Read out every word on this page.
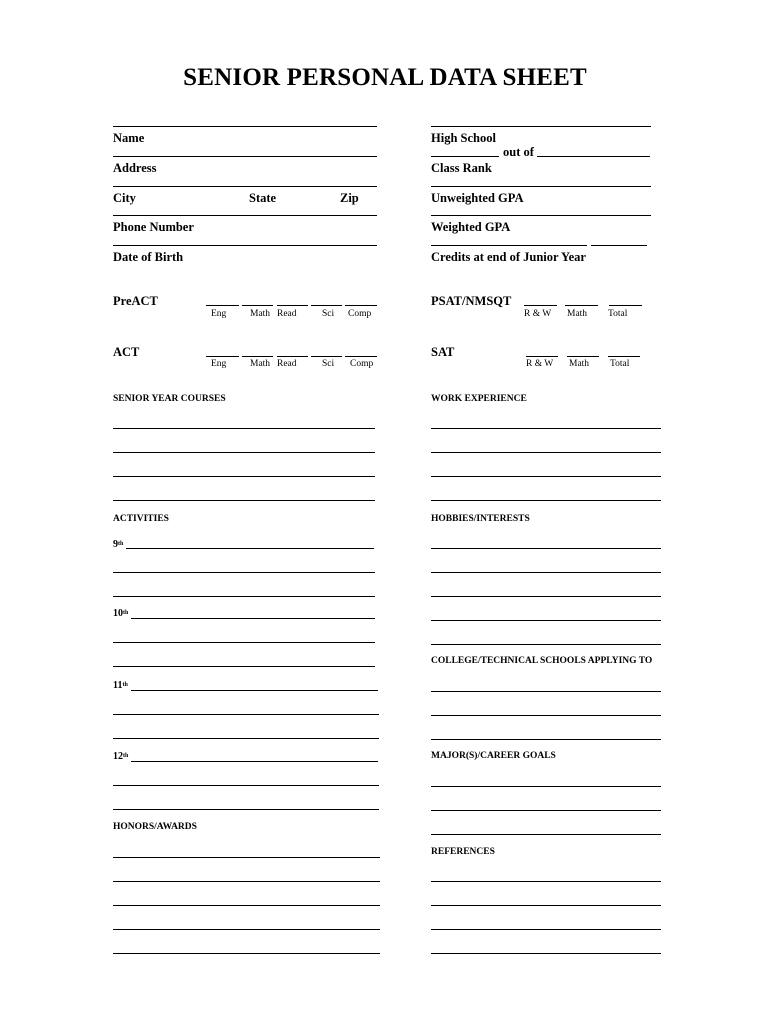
SENIOR PERSONAL DATA SHEET
Name
Address
City	State	Zip
Phone Number
Date of Birth
High School
out of
Class Rank
Unweighted GPA
Weighted GPA
Credits at end of Junior Year
PreACT
Eng Math Read	Sci Comp
PSAT/NMSQT
R & W Math Total
ACT
Eng Math Read	Sci Comp
SAT
R & W Math Total
SENIOR YEAR COURSES	WORK EXPERIENCE
ACTIVITIES	HOBBIES/INTERESTS
COLLEGE/TECHNICAL SCHOOLS APPLYING TO
MAJOR(S)/CAREER GOALS
HONORS/AWARDS
REFERENCES
9th
10th
11th
12th
